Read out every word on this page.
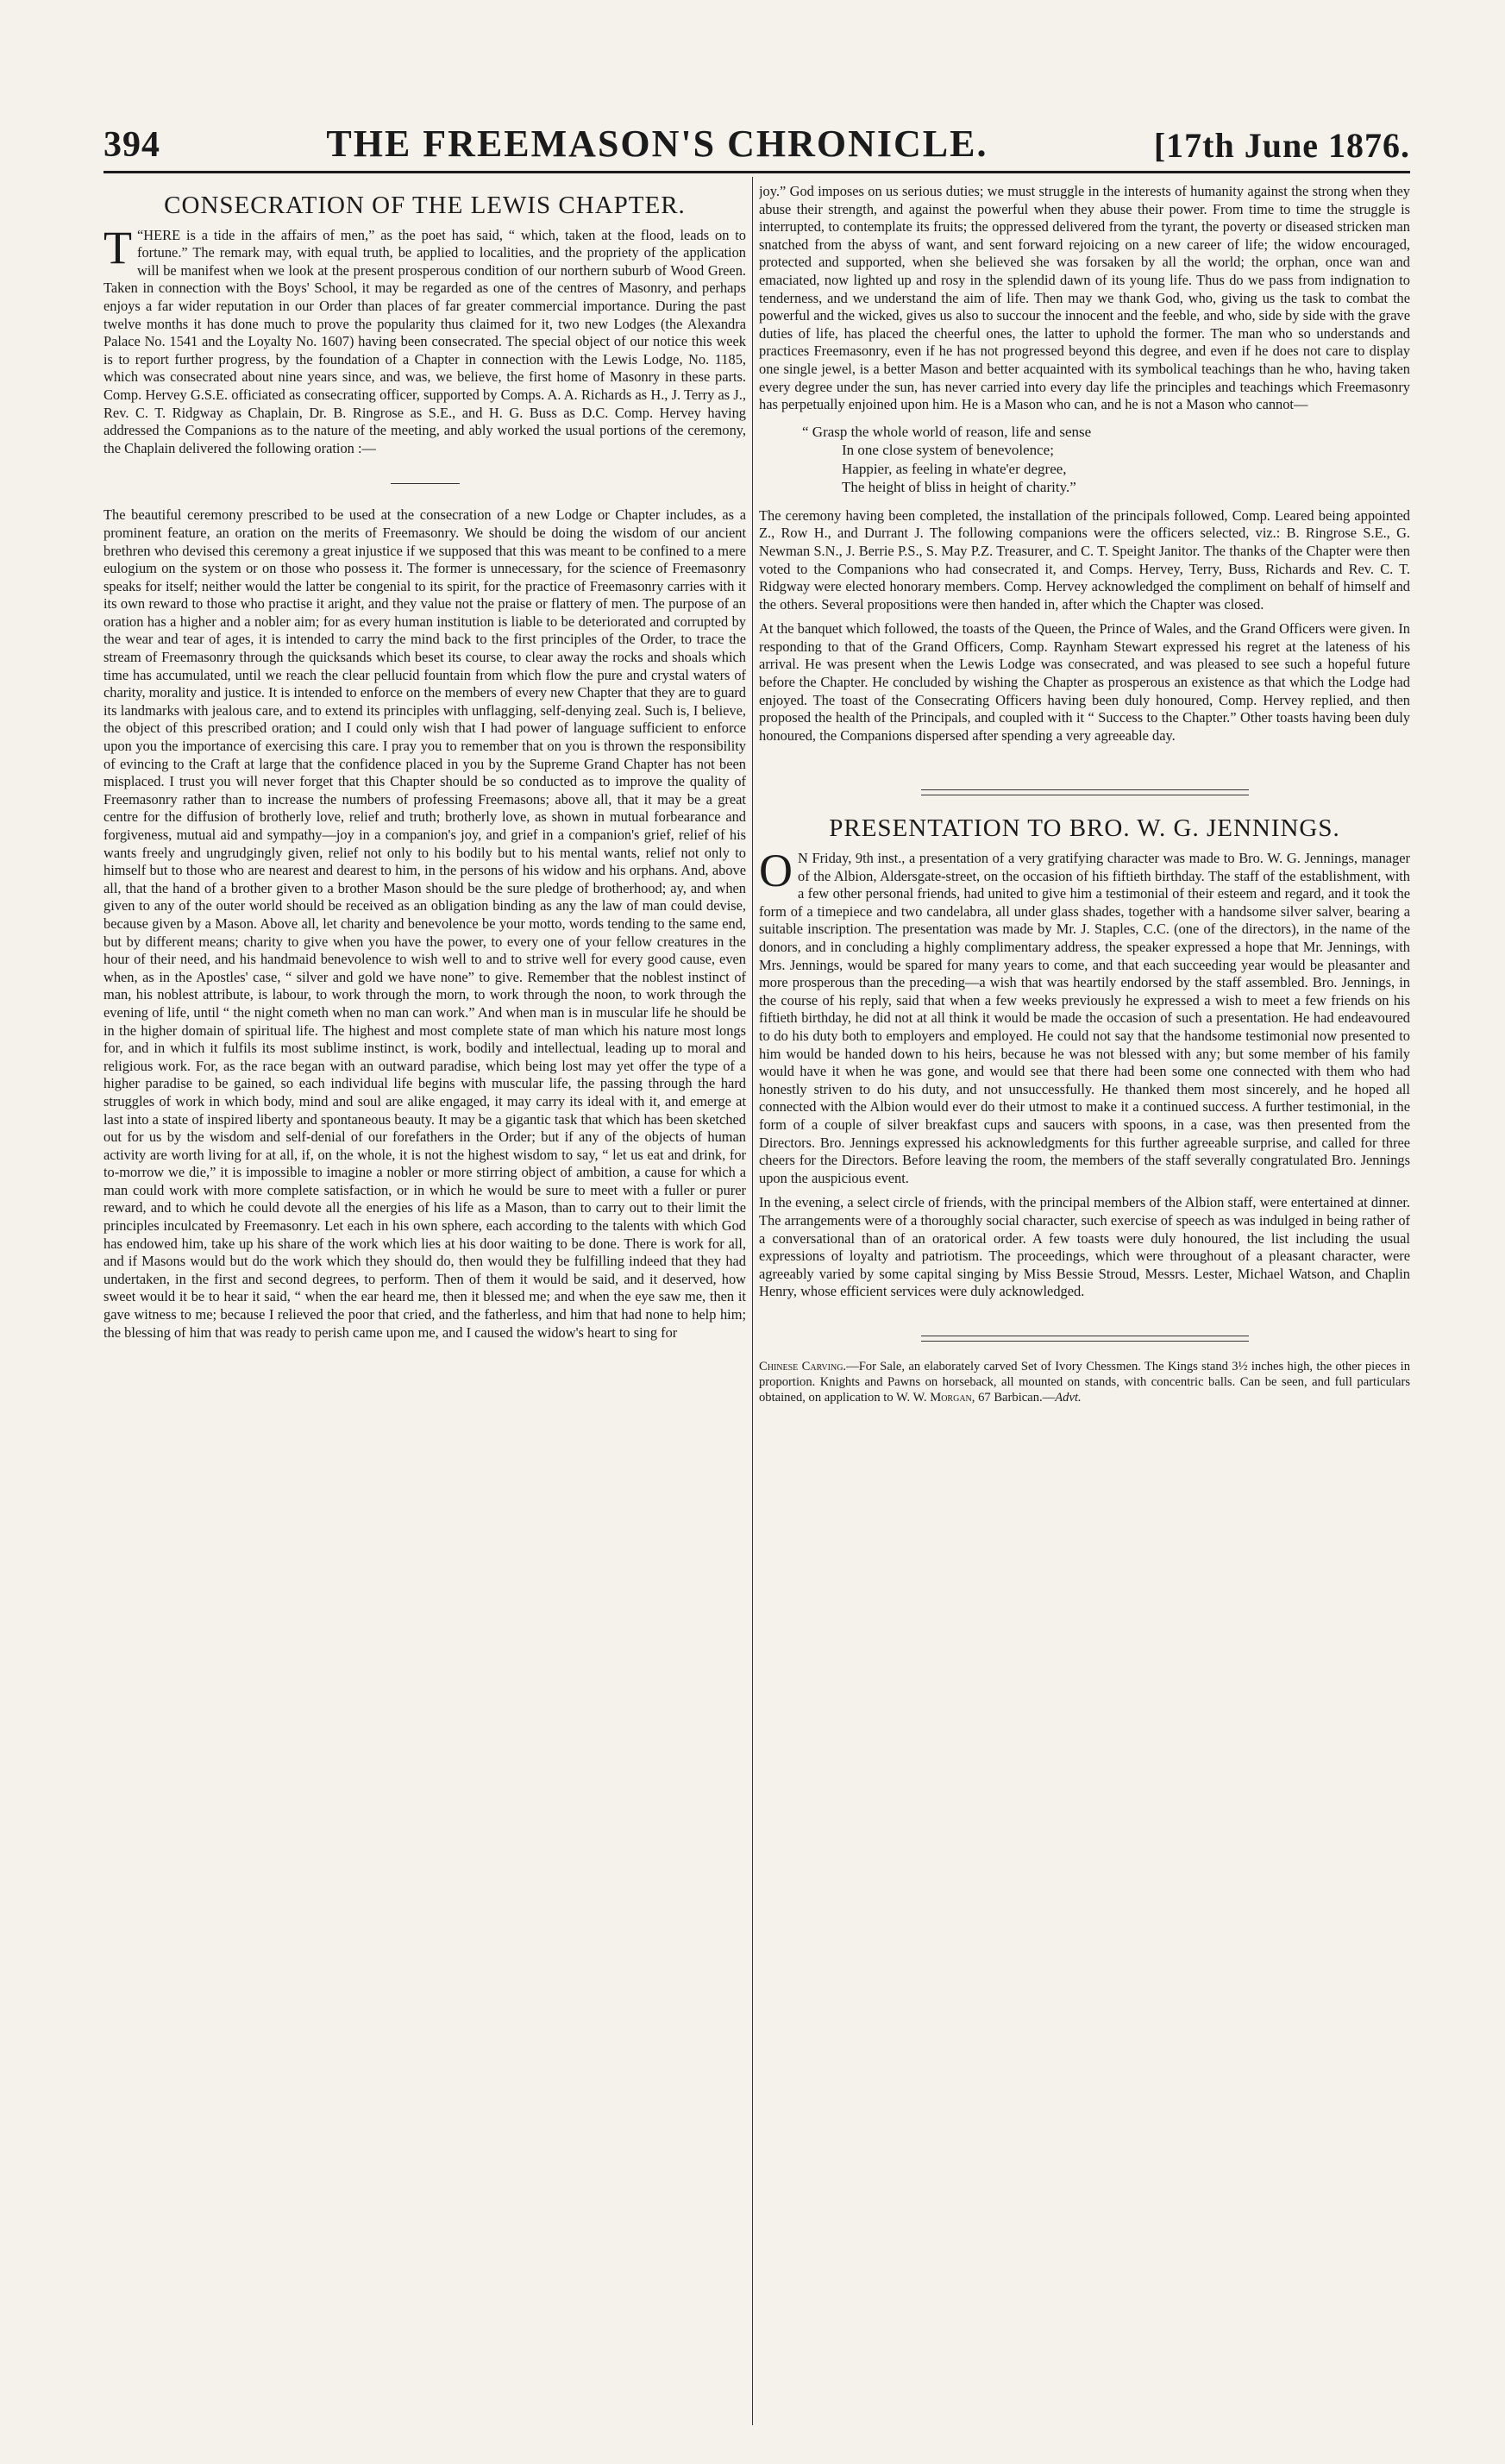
394	THE FREEMASON'S CHRONICLE.	[17th June 1876.
CONSECRATION OF THE LEWIS CHAPTER.

“
T HERE is a tide in the affairs of men,” as the poet has said, “ which, taken at the flood, leads on to fortune.” The remark may, with equal truth, be applied to localities, and the propriety of the application will be manifest when we look at the present prosperous condition of our northern suburb of Wood Green. Taken in connection with the Boys' School, it may be regarded as one of the centres of Masonry, and perhaps enjoys a far wider reputation in our Order than places of far greater commercial importance. During the past twelve months it has done much to prove the popularity thus claimed for it, two new Lodges (the Alexandra Palace No. 1541 and the Loyalty No. 1607) having been consecrated. The special object of our notice this week is to report further progress, by the foundation of a Chapter in connection with the Lewis Lodge, No. 1185, which was consecrated about nine years since, and was, we believe, the first home of Masonry in these parts. Comp. Hervey G.S.E. officiated as consecrating officer, supported by Comps. A. A. Richards as H., J. Terry as J., Rev. C. T. Ridgway as Chaplain, Dr. B. Ringrose as S.E., and H. G. Buss as D.C. Comp. Hervey having addressed the Companions as to the nature of the meeting, and ably worked the usual portions of the ceremony, the Chaplain delivered the following oration :—

The beautiful ceremony prescribed to be used at the consecration of a new Lodge or Chapter includes, as a prominent feature, an oration on the merits of Freemasonry. We should be doing the wisdom of our ancient brethren who devised this ceremony a great injustice if we supposed that this was meant to be confined to a mere eulogium on the system or on those who possess it. The former is unnecessary, for the science of Freemasonry speaks for itself; neither would the latter be congenial to its spirit, for the practice of Freemasonry carries with it its own reward to those who practise it aright, and they value not the praise or flattery of men. The purpose of an oration has a higher and a nobler aim; for as every human institution is liable to be deteriorated and corrupted by the wear and tear of ages, it is intended to carry the mind back to the first principles of the Order, to trace the stream of Freemasonry through the quicksands which beset its course, to clear away the rocks and shoals which time has accumulated, until we reach the clear pellucid fountain from which flow the pure and crystal waters of charity, morality and justice. It is intended to enforce on the members of every new Chapter that they are to guard its landmarks with jealous care, and to extend its principles with unflagging, self-denying zeal. Such is, I believe, the object of this prescribed oration; and I could only wish that I had power of language sufficient to enforce upon you the importance of exercising this care. I pray you to remember that on you is thrown the responsibility of evincing to the Craft at large that the confidence placed in you by the Supreme Grand Chapter has not been misplaced. I trust you will never forget that this Chapter should be so conducted as to improve the quality of Freemasonry rather than to increase the numbers of professing Freemasons; above all, that it may be a great centre for the diffusion of brotherly love, relief and truth; brotherly love, as shown in mutual forbearance and forgiveness, mutual aid and sympathy—joy in a companion's joy, and grief in a companion's grief, relief of his wants freely and ungrudgingly given, relief not only to his bodily but to his mental wants, relief not only to himself but to those who are nearest and dearest to him, in the persons of his widow and his orphans. And, above all, that the hand of a brother given to a brother Mason should be the sure pledge of brotherhood; ay, and when given to any of the outer world should be received as an obligation binding as any the law of man could devise, because given by a Mason. Above all, let charity and benevolence be your motto, words tending to the same end, but by different means; charity to give when you have the power, to every one of your fellow creatures in the hour of their need, and his handmaid benevolence to wish well to and to strive well for every good cause, even when, as in the Apostles' case, “ silver and gold we have none” to give. Remember that the noblest instinct of man, his noblest attribute, is labour, to work through the morn, to work through the noon, to work through the evening of life, until “ the night cometh when no man can work.” And when man is in muscular life he should be in the higher domain of spiritual life. The highest and most complete state of man which his nature most longs for, and in which it fulfils its most sublime instinct, is work, bodily and intellectual, leading up to moral and religious work. For, as the race began with an outward paradise, which being lost may yet offer the type of a higher paradise to be gained, so each individual life begins with muscular life, the passing through the hard struggles of work in which body, mind and soul are alike engaged, it may carry its ideal with it, and emerge at last into a state of inspired liberty and spontaneous beauty. It may be a gigantic task that which has been sketched out for us by the wisdom and self-denial of our forefathers in the Order; but if any of the objects of human activity are worth living for at all, if, on the whole, it is not the highest wisdom to say, “ let us eat and drink, for to-morrow we die,” it is impossible to imagine a nobler or more stirring object of ambition, a cause for which a man could work with more complete satisfaction, or in which he would be sure to meet with a fuller or purer reward, and to which he could devote all the energies of his life as a Mason, than to carry out to their limit the principles inculcated by Freemasonry. Let each in his own sphere, each according to the talents with which God has endowed him, take up his share of the work which lies at his door waiting to be done. There is work for all, and if Masons would but do the work which they should do, then would they be fulfilling indeed that they had undertaken, in the first and second degrees, to perform. Then of them it would be said, and it deserved, how sweet would it be to hear it said, “ when the ear heard me, then it blessed me; and when the eye saw me, then it gave witness to me; because I relieved the poor that cried, and the fatherless, and him that had none to help him; the blessing of him that was ready to perish came upon me, and I caused the widow's heart to sing for

joy.” God imposes on us serious duties; we must struggle in the interests of humanity against the strong when they abuse their strength, and against the powerful when they abuse their power. From time to time the struggle is interrupted, to contemplate its fruits; the oppressed delivered from the tyrant, the poverty or diseased stricken man snatched from the abyss of want, and sent forward rejoicing on a new career of life; the widow encouraged, protected and supported, when she believed she was forsaken by all the world; the orphan, once wan and emaciated, now lighted up and rosy in the splendid dawn of its young life. Thus do we pass from indignation to tenderness, and we understand the aim of life. Then may we thank God, who, giving us the task to combat the powerful and the wicked, gives us also to succour the innocent and the feeble, and who, side by side with the grave duties of life, has placed the cheerful ones, the latter to uphold the former. The man who so understands and practices Freemasonry, even if he has not progressed beyond this degree, and even if he does not care to display one single jewel, is a better Mason and better acquainted with its symbolical teachings than he who, having taken every degree under the sun, has never carried into every day life the principles and teachings which Freemasonry has perpetually enjoined upon him. He is a Mason who can, and he is not a Mason who cannot—

“ Grasp the whole world of reason, life and sense
In one close system of benevolence;
Happier, as feeling in whate'er degree,
The height of bliss in height of charity.”

The ceremony having been completed, the installation of the principals followed, Comp. Leared being appointed Z., Row H., and Durrant J. The following companions were the officers selected, viz.: B. Ringrose S.E., G. Newman S.N., J. Berrie P.S., S. May P.Z. Treasurer, and C. T. Speight Janitor. The thanks of the Chapter were then voted to the Companions who had consecrated it, and Comps. Hervey, Terry, Buss, Richards and Rev. C. T. Ridgway were elected honorary members. Comp. Hervey acknowledged the compliment on behalf of himself and the others. Several propositions were then handed in, after which the Chapter was closed.

At the banquet which followed, the toasts of the Queen, the Prince of Wales, and the Grand Officers were given. In responding to that of the Grand Officers, Comp. Raynham Stewart expressed his regret at the lateness of his arrival. He was present when the Lewis Lodge was consecrated, and was pleased to see such a hopeful future before the Chapter. He concluded by wishing the Chapter as prosperous an existence as that which the Lodge had enjoyed. The toast of the Consecrating Officers having been duly honoured, Comp. Hervey replied, and then proposed the health of the Principals, and coupled with it “ Success to the Chapter.” Other toasts having been duly honoured, the Companions dispersed after spending a very agreeable day.

PRESENTATION TO BRO. W. G. JENNINGS.

O N Friday, 9th inst., a presentation of a very gratifying character was made to Bro. W. G. Jennings, manager of the Albion, Aldersgate-street, on the occasion of his fiftieth birthday. The staff of the establishment, with a few other personal friends, had united to give him a testimonial of their esteem and regard, and it took the form of a timepiece and two candelabra, all under glass shades, together with a handsome silver salver, bearing a suitable inscription. The presentation was made by Mr. J. Staples, C.C. (one of the directors), in the name of the donors, and in concluding a highly complimentary address, the speaker expressed a hope that Mr. Jennings, with Mrs. Jennings, would be spared for many years to come, and that each succeeding year would be pleasanter and more prosperous than the preceding—a wish that was heartily endorsed by the staff assembled. Bro. Jennings, in the course of his reply, said that when a few weeks previously he expressed a wish to meet a few friends on his fiftieth birthday, he did not at all think it would be made the occasion of such a presentation. He had endeavoured to do his duty both to employers and employed. He could not say that the handsome testimonial now presented to him would be handed down to his heirs, because he was not blessed with any; but some member of his family would have it when he was gone, and would see that there had been some one connected with them who had honestly striven to do his duty, and not unsuccessfully. He thanked them most sincerely, and he hoped all connected with the Albion would ever do their utmost to make it a continued success. A further testimonial, in the form of a couple of silver breakfast cups and saucers with spoons, in a case, was then presented from the Directors. Bro. Jennings expressed his acknowledgments for this further agreeable surprise, and called for three cheers for the Directors. Before leaving the room, the members of the staff severally congratulated Bro. Jennings upon the auspicious event.

In the evening, a select circle of friends, with the principal members of the Albion staff, were entertained at dinner. The arrangements were of a thoroughly social character, such exercise of speech as was indulged in being rather of a conversational than of an oratorical order. A few toasts were duly honoured, the list including the usual expressions of loyalty and patriotism. The proceedings, which were throughout of a pleasant character, were agreeably varied by some capital singing by Miss Bessie Stroud, Messrs. Lester, Michael Watson, and Chaplin Henry, whose efficient services were duly acknowledged.

Chinese Carving.—For Sale, an elaborately carved Set of Ivory Chessmen. The Kings stand 3½ inches high, the other pieces in proportion. Knights and Pawns on horseback, all mounted on stands, with concentric balls. Can be seen, and full particulars obtained, on application to W. W. Morgan, 67 Barbican.—Advt.
